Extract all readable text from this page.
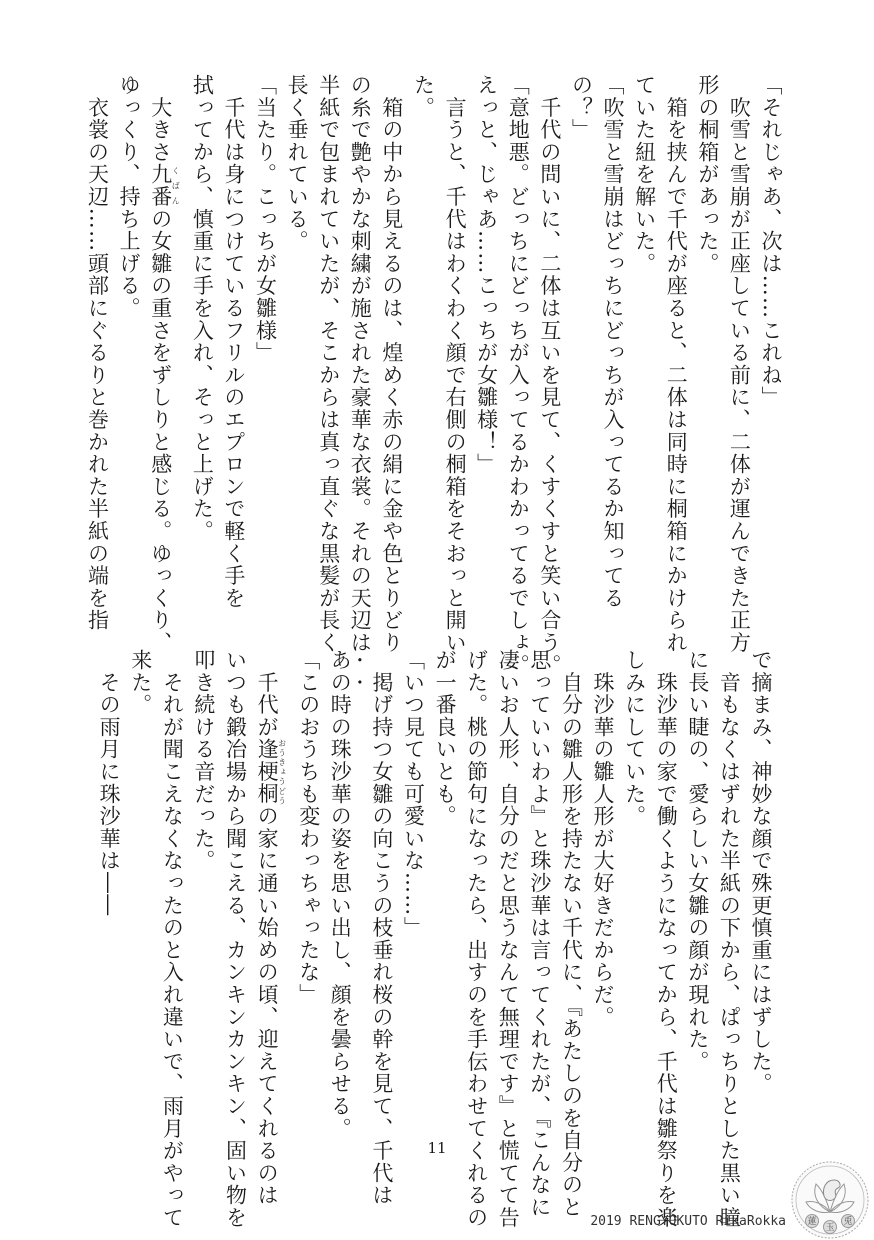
「それじゃあ、次は……これね」
　吹雪と雪崩が正座している前に、二体が運んできた正方
形の桐箱があった。
　箱を挟んで千代が座ると、二体は同時に桐箱にかけられ
ていた紐を解いた。
「吹雪と雪崩はどっちにどっちが入ってるか知ってる
の？」
　千代の問いに、二体は互いを見て、くすくすと笑い合う。
「意地悪。どっちにどっちが入ってるかわかってるでしょ。
えっと、じゃあ……こっちが女雛様！」
　言うと、千代はわくわく顔で右側の桐箱をそおっと開い
た。
　箱の中から見えるのは、煌めく赤の絹に金や色とりどり
の糸で艶やかな刺繍が施された豪華な衣裳。それの天辺は
半紙で包まれていたが、そこからは真っ直ぐな黒髪が長く
長く垂れている。
「当たり。こっちが女雛様」
　千代は身につけているフリルのエプロンで軽く手を
拭ってから、慎重に手を入れ、そっと上げた。
　大きさ九番くばんの女雛の重さをずしりと感じる。ゆっくり、
ゆっくり、持ち上げる。
　衣裳の天辺……頭部にぐるりと巻かれた半紙の端を指
で摘まみ、神妙な顔で殊更慎重にはずした。
　音もなくはずれた半紙の下から、ぱっちりとした黒い瞳
に長い睫の、愛らしい女雛の顔が現れた。
　珠沙華の家で働くようになってから、千代は雛祭りを楽
しみにしていた。
　珠沙華の雛人形が大好きだからだ。
　自分の雛人形を持たない千代に、『あたしのを自分のと
思っていいわよ』と珠沙華は言ってくれたが、『こんなに
凄いお人形、自分のだと思うなんて無理です』と慌てて告
げた。桃の節句になったら、出すのを手伝わせてくれるの
が一番良いとも。
「いつ見ても可愛いな……」
　掲げ持つ女雛の向こうの枝垂れ桜の幹を見て、千代は
あの時の珠沙華の姿を思い出し、顔を曇らせる。
「このおうちも変わっちゃったな」
　千代が逢梗桐おうきょうどうの家に通い始めの頃、迎えてくれるのは
いつも鍛冶場から聞こえる、カンキンカンキン、固い物を
叩き続ける音だった。
　それが聞こえなくなったのと入れ違いで、雨月がやって
来た。
　その雨月に珠沙華は――
11
2019 RENGYOKUTO RikaRokka 蓮
玉
兎
